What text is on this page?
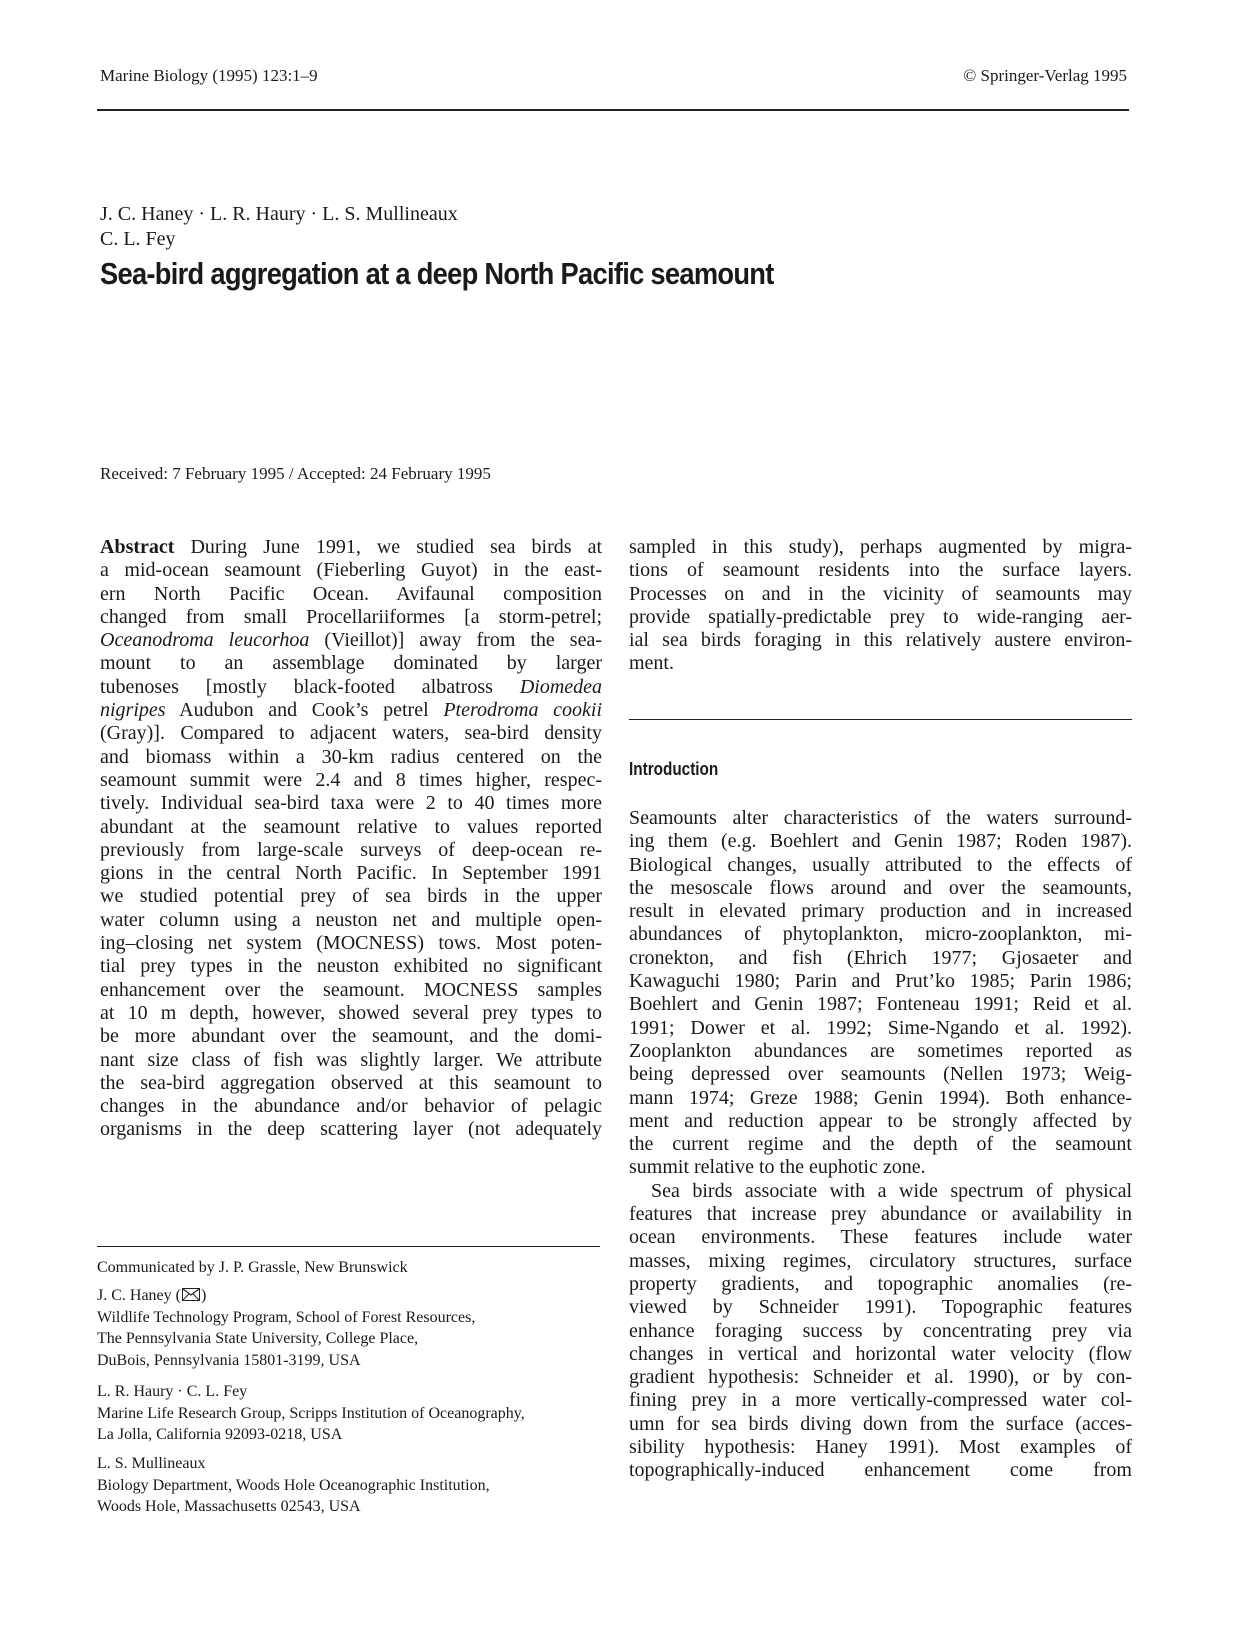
Marine Biology (1995) 123:1–9	© Springer-Verlag 1995
J. C. Haney · L. R. Haury · L. S. Mullineaux
C. L. Fey
Sea-bird aggregation at a deep North Pacific seamount
Received: 7 February 1995 / Accepted: 24 February 1995
Abstract During June 1991, we studied sea birds at
a mid-ocean seamount (Fieberling Guyot) in the east-
ern North Pacific Ocean. Avifaunal composition
changed from small Procellariiformes [a storm-petrel;
Oceanodroma leucorhoa (Vieillot)] away from the sea-
mount to an assemblage dominated by larger
tubenoses [mostly black-footed albatross Diomedea
nigripes Audubon and Cook’s petrel Pterodroma cookii
(Gray)]. Compared to adjacent waters, sea-bird density
and biomass within a 30-km radius centered on the
seamount summit were 2.4 and 8 times higher, respec-
tively. Individual sea-bird taxa were 2 to 40 times more
abundant at the seamount relative to values reported
previously from large-scale surveys of deep-ocean re-
gions in the central North Pacific. In September 1991
we studied potential prey of sea birds in the upper
water column using a neuston net and multiple open-
ing–closing net system (MOCNESS) tows. Most poten-
tial prey types in the neuston exhibited no significant
enhancement over the seamount. MOCNESS samples
at 10 m depth, however, showed several prey types to
be more abundant over the seamount, and the domi-
nant size class of fish was slightly larger. We attribute
the sea-bird aggregation observed at this seamount to
changes in the abundance and/or behavior of pelagic
organisms in the deep scattering layer (not adequately
sampled in this study), perhaps augmented by migra-
tions of seamount residents into the surface layers.
Processes on and in the vicinity of seamounts may
provide spatially-predictable prey to wide-ranging aer-
ial sea birds foraging in this relatively austere environ-
ment.
Introduction
Seamounts alter characteristics of the waters surround-
ing them (e.g. Boehlert and Genin 1987; Roden 1987).
Biological changes, usually attributed to the effects of
the mesoscale flows around and over the seamounts,
result in elevated primary production and in increased
abundances of phytoplankton, micro-zooplankton, mi-
cronekton, and fish (Ehrich 1977; Gjosaeter and
Kawaguchi 1980; Parin and Prut’ko 1985; Parin 1986;
Boehlert and Genin 1987; Fonteneau 1991; Reid et al.
1991; Dower et al. 1992; Sime-Ngando et al. 1992).
Zooplankton abundances are sometimes reported as
being depressed over seamounts (Nellen 1973; Weig-
mann 1974; Greze 1988; Genin 1994). Both enhance-
ment and reduction appear to be strongly affected by
the current regime and the depth of the seamount
summit relative to the euphotic zone.
Sea birds associate with a wide spectrum of physical
features that increase prey abundance or availability in
ocean environments. These features include water
masses, mixing regimes, circulatory structures, surface
property gradients, and topographic anomalies (re-
viewed by Schneider 1991). Topographic features
enhance foraging success by concentrating prey via
changes in vertical and horizontal water velocity (flow
gradient hypothesis: Schneider et al. 1990), or by con-
fining prey in a more vertically-compressed water col-
umn for sea birds diving down from the surface (acces-
sibility hypothesis: Haney 1991). Most examples of
topographically-induced enhancement come from
Communicated by J. P. Grassle, New Brunswick
J. C. Haney ( )
Wildlife Technology Program, School of Forest Resources,
The Pennsylvania State University, College Place,
DuBois, Pennsylvania 15801-3199, USA
L. R. Haury · C. L. Fey
Marine Life Research Group, Scripps Institution of Oceanography,
La Jolla, California 92093-0218, USA
L. S. Mullineaux
Biology Department, Woods Hole Oceanographic Institution,
Woods Hole, Massachusetts 02543, USA
